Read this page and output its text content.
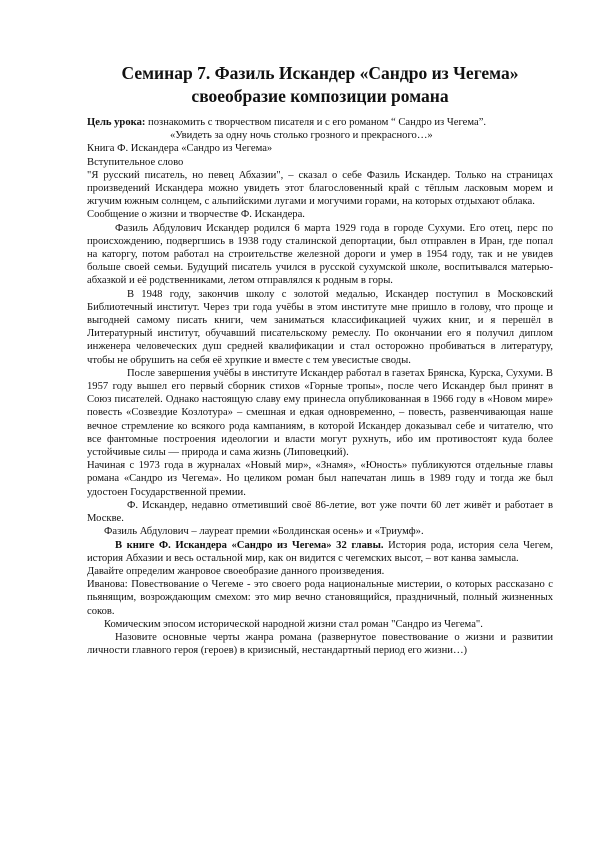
Семинар 7. Фазиль Искандер «Сандро из Чегема» своеобразие композиции романа

Цель урока: познакомить с творчеством писателя и с его романом “ Сандро из Чегема”.

«Увидеть за одну ночь столько грозного и прекрасного…»

Книга Ф. Искандера «Сандро из Чегема»

Вступительное слово

"Я русский писатель, но певец Абхазии", – сказал о себе Фазиль Искандер. Только на страницах произведений Искандера можно увидеть этот благословенный край с тёплым ласковым морем и жгучим южным солнцем, с альпийскими лугами и могучими горами, на которых отдыхают облака.

Сообщение о жизни и творчестве Ф. Искандера.

Фазиль Абдулович Искандер родился 6 марта 1929 года в городе Сухуми. Его отец, перс по происхождению, подвергшись в 1938 году сталинской депортации, был отправлен в Иран, где попал на каторгу, потом работал на строительстве железной дороги и умер в 1954 году, так и не увидев больше своей семьи. Будущий писатель учился в русской сухумской школе, воспитывался матерью-абхазкой и её родственниками, летом отправлялся к родным в горы.

В 1948 году, закончив школу с золотой медалью, Искандер поступил в Московский Библиотечный институт. Через три года учёбы в этом институте мне пришло в голову, что проще и выгодней самому писать книги, чем заниматься классификацией чужих книг, и я перешёл в Литературный институт, обучавший писательскому ремеслу. По окончании его я получил диплом инженера человеческих душ средней квалификации и стал осторожно пробиваться в литературу, чтобы не обрушить на себя её хрупкие и вместе с тем увесистые своды.

После завершения учёбы в институте Искандер работал в газетах Брянска, Курска, Сухуми. В 1957 году вышел его первый сборник стихов «Горные тропы», после чего Искандер был принят в Союз писателей. Однако настоящую славу ему принесла опубликованная в 1966 году в «Новом мире» повесть «Созвездие Козлотура» – смешная и едкая одновременно, – повесть, развенчивающая наше вечное стремление ко всякого рода кампаниям, в которой Искандер доказывал себе и читателю, что все фантомные построения идеологии и власти могут рухнуть, ибо им противостоят куда более устойчивые силы — природа и сама жизнь (Липовецкий).

Начиная с 1973 года в журналах «Новый мир», «Знамя», «Юность» публикуются отдельные главы романа «Сандро из Чегема». Но целиком роман был напечатан лишь в 1989 году и тогда же был удостоен Государственной премии.

Ф. Искандер, недавно отметивший своё 86-летие, вот уже почти 60 лет живёт и работает в Москве.

Фазиль Абдулович – лауреат премии «Болдинская осень» и «Триумф».

В книге Ф. Искандера «Сандро из Чегема» 32 главы. История рода, история села Чегем, история Абхазии и весь остальной мир, как он видится с чегемских высот, – вот канва замысла.

Давайте определим жанровое своеобразие данного произведения.

Иванова: Повествование о Чегеме - это своего рода национальные мистерии, о которых рассказано с пьянящим, возрождающим смехом: это мир вечно становящийся, праздничный, полный жизненных соков.

Комическим эпосом исторической народной жизни стал роман "Сандро из Чегема".

Назовите основные черты жанра романа (развернутое повествование о жизни и развитии личности главного героя (героев) в кризисный, нестандартный период его жизни…)
